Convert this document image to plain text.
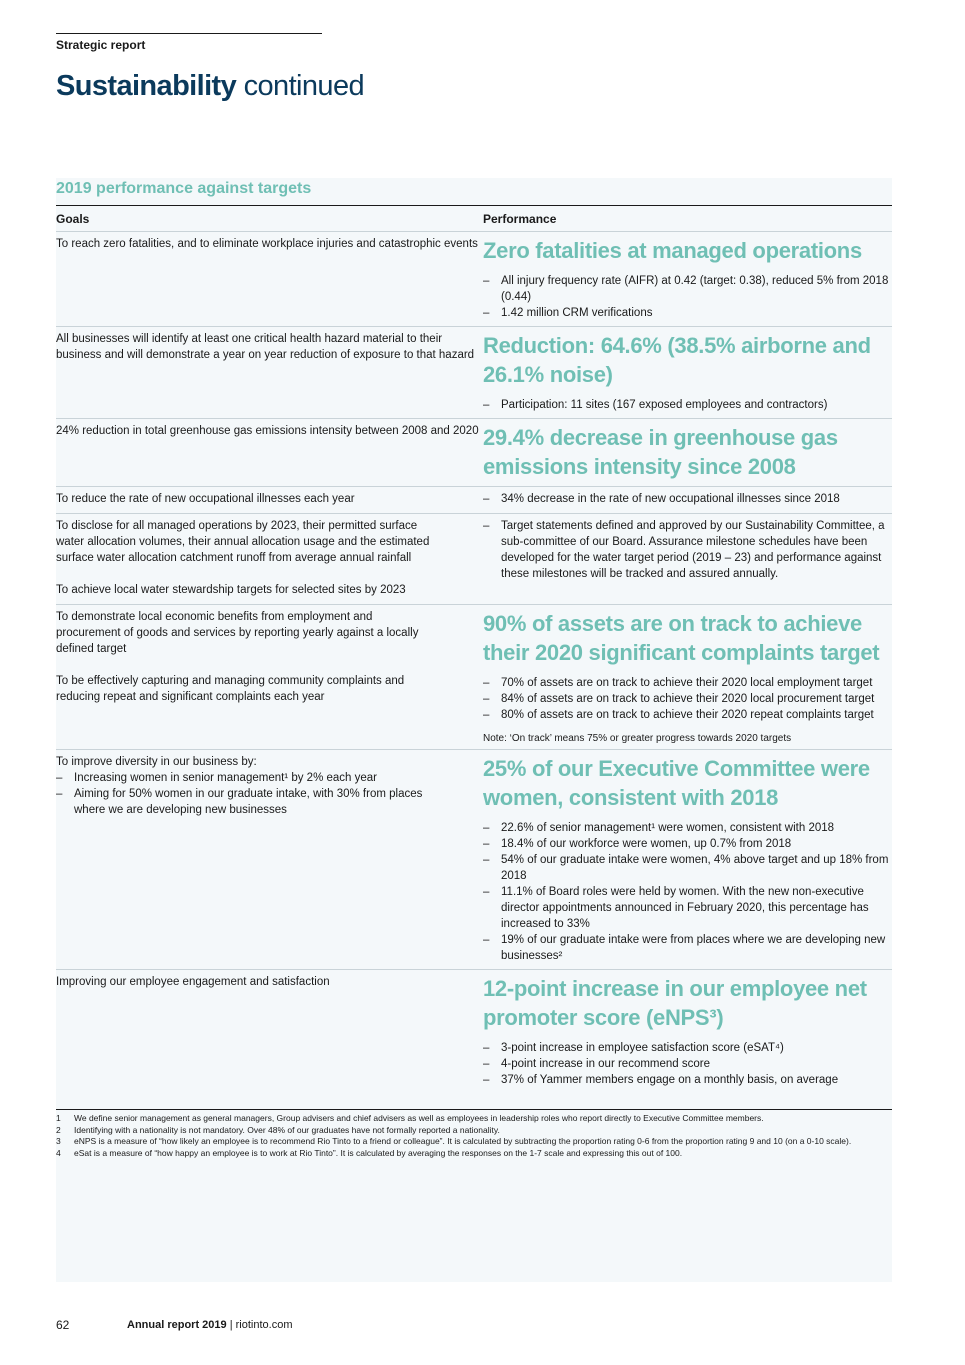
Strategic report
Sustainability continued
2019 performance against targets
Goals	Performance

To reach zero fatalities, and to eliminate workplace injuries and catastrophic events Zero fatalities at managed operations
– All injury frequency rate (AIFR) at 0.42 (target: 0.38), reduced 5% from 2018 (0.44)
– 1.42 million CRM verifications

All businesses will identify at least one critical health hazard material to their business and will demonstrate a year on year reduction of exposure to that hazard Reduction: 64.6% (38.5% airborne and 26.1% noise)
– Participation: 11 sites (167 exposed employees and contractors)

24% reduction in total greenhouse gas emissions intensity between 2008 and 2020 29.4% decrease in greenhouse gas emissions intensity since 2008

To reduce the rate of new occupational illnesses each year

–	34% decrease in the rate of new occupational illnesses since 2018

To disclose for all managed operations by 2023, their permitted surface water allocation volumes, their annual allocation usage and the estimated surface water allocation catchment runoff from average annual rainfall

To achieve local water stewardship targets for selected sites by 2023

– Target statements defined and approved by our Sustainability Committee, a sub-committee of our Board. Assurance milestone schedules have been developed for the water target period (2019 – 23) and performance against these milestones will be tracked and assured annually.

To demonstrate local economic benefits from employment and procurement of goods and services by reporting yearly against a locally defined target

To be effectively capturing and managing community complaints and reducing repeat and significant complaints each year

90% of assets are on track to achieve their 2020 significant complaints target
– 70% of assets are on track to achieve their 2020 local employment target
– 84% of assets are on track to achieve their 2020 local procurement target
– 80% of assets are on track to achieve their 2020 repeat complaints target
Note: ‘On track’ means 75% or greater progress towards 2020 targets

To improve diversity in our business by:

– Increasing women in senior management¹ by 2% each year
– Aiming for 50% women in our graduate intake, with 30% from places where we are developing new businesses
25% of our Executive Committee were women, consistent with 2018
– 22.6% of senior management¹ were women, consistent with 2018
– 18.4% of our workforce were women, up 0.7% from 2018
– 54% of our graduate intake were women, 4% above target and up 18% from 2018
– 11.1% of Board roles were held by women. With the new non-executive director appointments announced in February 2020, this percentage has increased to 33%
– 19% of our graduate intake were from places where we are developing new businesses²

Improving our employee engagement and satisfaction	12-point increase in our employee net promoter score (eNPS³)
– 3-point increase in employee satisfaction score (eSAT⁴)
– 4-point increase in our recommend score
– 37% of Yammer members engage on a monthly basis, on average
1	We define senior management as general managers, Group advisers and chief advisers as well as employees in leadership roles who report directly to Executive Committee members.
2	Identifying with a nationality is not mandatory. Over 48% of our graduates have not formally reported a nationality.
3	eNPS is a measure of “how likely an employee is to recommend Rio Tinto to a friend or colleague”. It is calculated by subtracting the proportion rating 0-6 from the proportion rating 9 and 10 (on a 0-10 scale).
4	eSat is a measure of “how happy an employee is to work at Rio Tinto”. It is calculated by averaging the responses on the 1-7 scale and expressing this out of 100.
62	Annual report 2019 | riotinto.com
